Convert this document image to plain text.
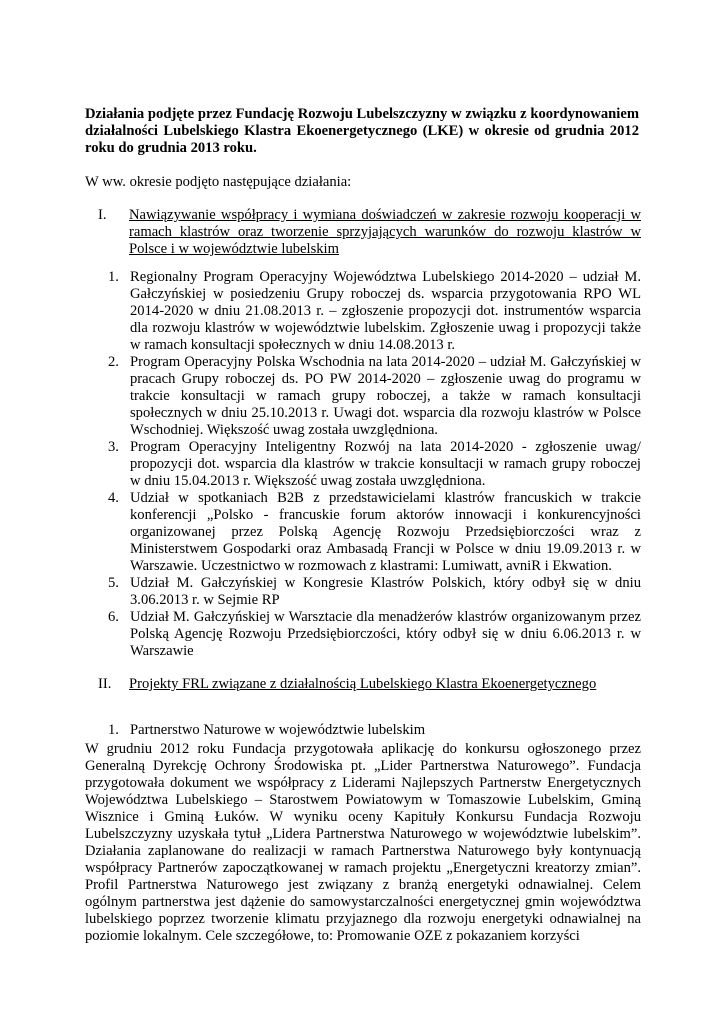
Działania podjęte przez Fundację Rozwoju Lubelszczyzny w związku z koordynowaniem działalności Lubelskiego Klastra Ekoenergetycznego (LKE) w okresie od grudnia 2012 roku do grudnia 2013 roku.

W ww. okresie podjęto następujące działania:

I. Nawiązywanie współpracy i wymiana doświadczeń w zakresie rozwoju kooperacji w ramach klastrów oraz tworzenie sprzyjających warunków do rozwoju klastrów w Polsce i w województwie lubelskim
1. Regionalny Program Operacyjny Województwa Lubelskiego 2014-2020 – udział M. Gałczyńskiej w posiedzeniu Grupy roboczej ds. wsparcia przygotowania RPO WL 2014-2020 w dniu 21.08.2013 r. – zgłoszenie propozycji dot. instrumentów wsparcia dla rozwoju klastrów w województwie lubelskim. Zgłoszenie uwag i propozycji także w ramach konsultacji społecznych w dniu 14.08.2013 r.
2. Program Operacyjny Polska Wschodnia na lata 2014-2020 – udział M. Gałczyńskiej w pracach Grupy roboczej ds. PO PW 2014-2020 – zgłoszenie uwag do programu w trakcie konsultacji w ramach grupy roboczej, a także w ramach konsultacji społecznych w dniu 25.10.2013 r. Uwagi dot. wsparcia dla rozwoju klastrów w Polsce Wschodniej. Większość uwag została uwzględniona.
3. Program Operacyjny Inteligentny Rozwój na lata 2014-2020 - zgłoszenie uwag/ propozycji dot. wsparcia dla klastrów w trakcie konsultacji w ramach grupy roboczej w dniu 15.04.2013 r. Większość uwag została uwzględniona.
4. Udział w spotkaniach B2B z przedstawicielami klastrów francuskich w trakcie konferencji „Polsko - francuskie forum aktorów innowacji i konkurencyjności organizowanej przez Polską Agencję Rozwoju Przedsiębiorczości wraz z Ministerstwem Gospodarki oraz Ambasadą Francji w Polsce w dniu 19.09.2013 r. w Warszawie. Uczestnictwo w rozmowach z klastrami: Lumiwatt, avniR i Ekwation.
5. Udział M. Gałczyńskiej w Kongresie Klastrów Polskich, który odbył się w dniu 3.06.2013 r. w Sejmie RP
6. Udział M. Gałczyńskiej w Warsztacie dla menadżerów klastrów organizowanym przez Polską Agencję Rozwoju Przedsiębiorczości, który odbył się w dniu 6.06.2013 r. w Warszawie
II. Projekty FRL związane z działalnością Lubelskiego Klastra Ekoenergetycznego
1. Partnerstwo Naturowe w województwie lubelskim

W grudniu 2012 roku Fundacja przygotowała aplikację do konkursu ogłoszonego przez Generalną Dyrekcję Ochrony Środowiska pt. „Lider Partnerstwa Naturowego”. Fundacja przygotowała dokument we współpracy z Liderami Najlepszych Partnerstw Energetycznych Województwa Lubelskiego – Starostwem Powiatowym w Tomaszowie Lubelskim, Gminą Wisznice i Gminą Łuków. W wyniku oceny Kapituły Konkursu Fundacja Rozwoju Lubelszczyzny uzyskała tytuł „Lidera Partnerstwa Naturowego w województwie lubelskim”. Działania zaplanowane do realizacji w ramach Partnerstwa Naturowego były kontynuacją współpracy Partnerów zapoczątkowanej w ramach projektu „Energetyczni kreatorzy zmian”. Profil Partnerstwa Naturowego jest związany z branżą energetyki odnawialnej. Celem ogólnym partnerstwa jest dążenie do samowystarczalności energetycznej gmin województwa lubelskiego poprzez tworzenie klimatu przyjaznego dla rozwoju energetyki odnawialnej na poziomie lokalnym. Cele szczegółowe, to: Promowanie OZE z pokazaniem korzyści
